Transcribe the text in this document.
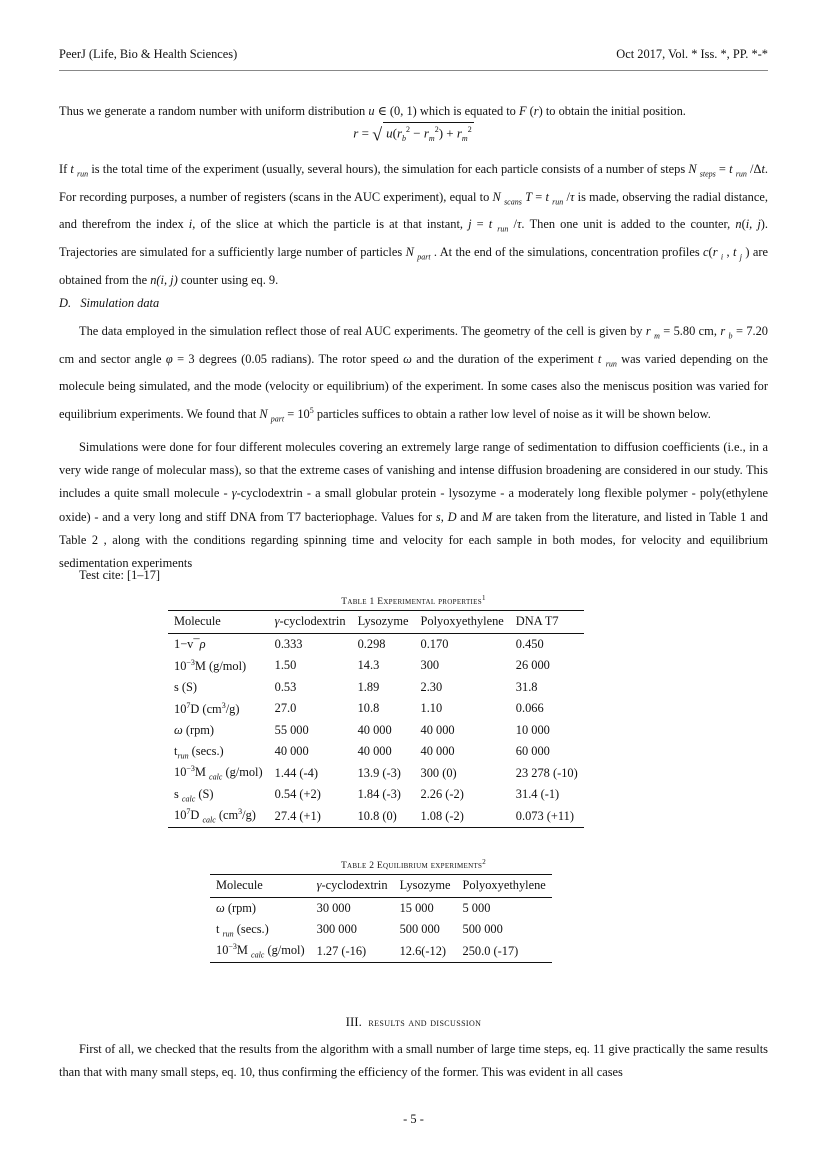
PeerJ (Life, Bio & Health Sciences)	Oct 2017, Vol. * Iss. *, PP. *-*

Thus we generate a random number with uniform distribution u ∈ (0, 1) which is equated to F (r) to obtain the initial position.

r = √ $u(r_b^2 - r_m^2) + r_m^2$

If t $_{run}$ is the total time of the experiment (usually, several hours), the simulation for each particle consists of a number of steps N $_{steps}$ = t $_{run}$ /Δt. For recording purposes, a number of registers (scans in the AUC experiment), equal to N $_{scans}$ T = t $_{run}$ /τ is made, observing the radial distance, and therefrom the index i, of the slice at which the particle is at that instant, j = t $_{run}$ /τ. Then one unit is added to the counter, n(i, j). Trajectories are simulated for a sufficiently large number of particles N $_{part}$ . At the end of the simulations, concentration profiles c(r $_i$ , t $_j$ ) are obtained from the n(i, j) counter using eq. 9.

D.   Simulation data

The data employed in the simulation reflect those of real AUC experiments. The geometry of the cell is given by r $_m$ = 5.80 cm, r $_b$ = 7.20 cm and sector angle φ = 3 degrees (0.05 radians). The rotor speed ω and the duration of the experiment t $_{run}$ was varied depending on the molecule being simulated, and the mode (velocity or equilibrium) of the experiment. In some cases also the meniscus position was varied for equilibrium experiments. We found that N $_{part} = 10^5$ particles suffices to obtain a rather low level of noise as it will be shown below.

Simulations were done for four different molecules covering an extremely large range of sedimentation to diffusion coefficients (i.e., in a very wide range of molecular mass), so that the extreme cases of vanishing and intense diffusion broadening are considered in our study. This includes a quite small molecule - γ-cyclodextrin - a small globular protein - lysozyme - a moderately long flexible polymer - poly(ethylene oxide) - and a very long and stiff DNA from T7 bacteriophage. Values for s, D and M are taken from the literature, and listed in Table 1 and Table 2 , along with the conditions regarding spinning time and velocity for each sample in both modes, for velocity and equilibrium sedimentation experiments

Test cite: [1–17]

Table 1 Experimental properties$^1$
Molecule	γ-cyclodextrin	Lysozyme	Polyoxyethylene	DNA T7
1−v¯ρ	0.333	0.298	0.170	0.450
$10^{-3}M$ (g/mol)	1.50	14.3	300	26 000
s (S)	0.53	1.89	2.30	31.8
$10^7D$ $(cm^3/g)$	27.0	10.8	1.10	0.066
ω (rpm)	55 000	40 000	40 000	10 000
$t_{run}$ (secs.)	40 000	40 000	40 000	60 000
$10^{-3}M$ $_{calc}$ (g/mol)	1.44 (-4)	13.9 (-3)	300 (0)	23 278 (-10)
s $_{calc}$ (S)	0.54 (+2)	1.84 (-3)	2.26 (-2)	31.4 (-1)
$10^7D$ $_{calc}$ $(cm^3/g)$	27.4 (+1)	10.8 (0)	1.08 (-2)	0.073 (+11)
Table 2 Equilibrium experiments$^2$
Molecule	γ-cyclodextrin	Lysozyme	Polyoxyethylene
ω (rpm)	30 000	15 000	5 000
t $_{run}$ (secs.)	300 000	500 000	500 000
$10^{-3}M$ $_{calc}$ (g/mol)	1.27 (-16)	12.6(-12)	250.0 (-17)
III. results and discussion

First of all, we checked that the results from the algorithm with a small number of large time steps, eq. 11 give practically the same results than that with many small steps, eq. 10, thus confirming the efficiency of the former. This was evident in all cases

- 5 -
